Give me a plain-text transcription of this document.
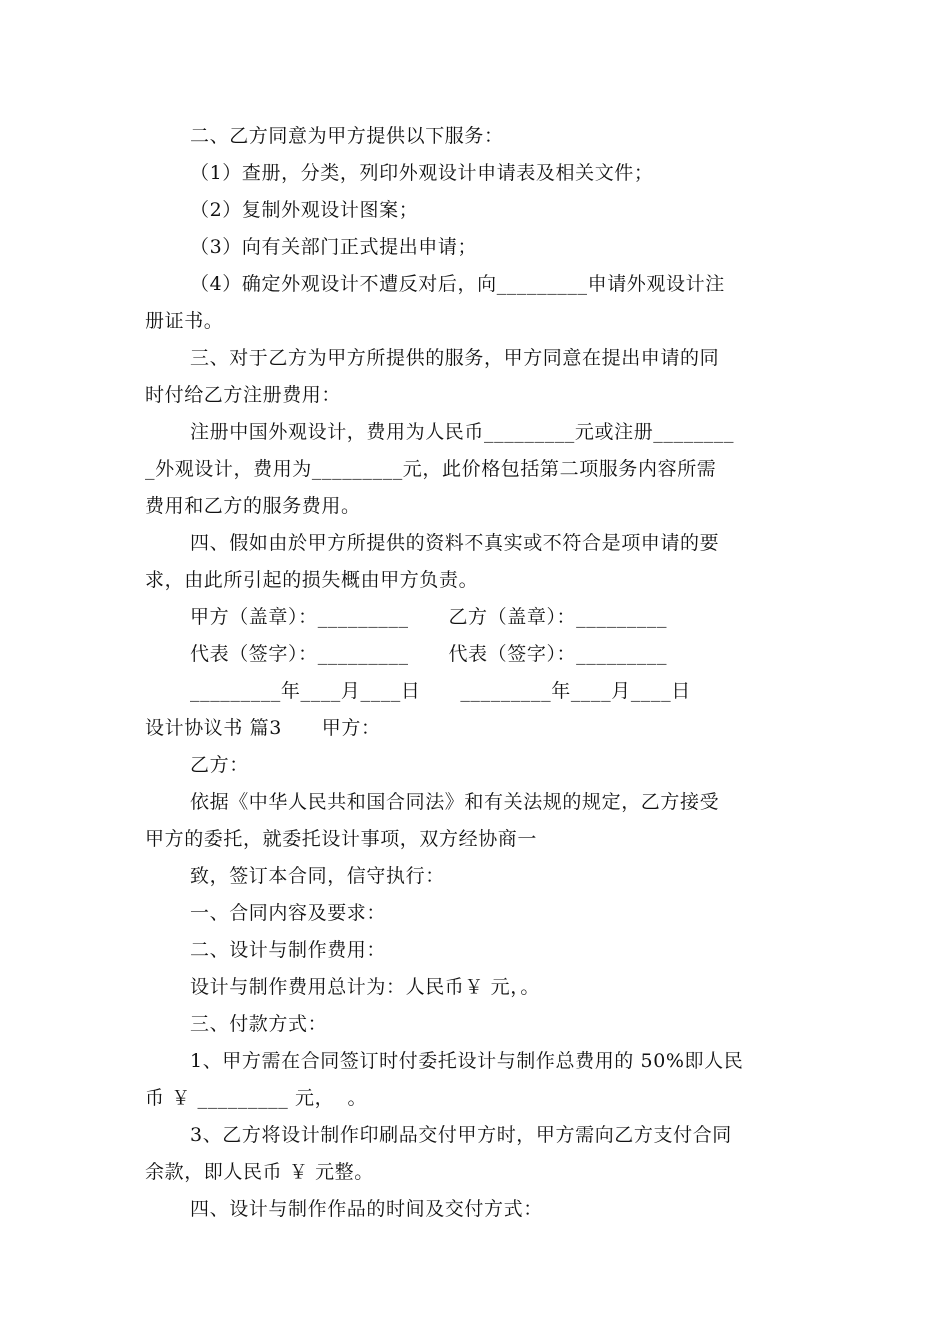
二、乙方同意为甲方提供以下服务：
（1）查册，分类，列印外观设计申请表及相关文件；
（2）复制外观设计图案；
（3）向有关部门正式提出申请；
（4）确定外观设计不遭反对后，向_________申请外观设计注
册证书。
三、对于乙方为甲方所提供的服务，甲方同意在提出申请的同
时付给乙方注册费用：
注册中国外观设计，费用为人民币_________元或注册________
_外观设计，费用为_________元，此价格包括第二项服务内容所需
费用和乙方的服务费用。
四、假如由於甲方所提供的资料不真实或不符合是项申请的要
求，由此所引起的损失概由甲方负责。
甲方（盖章）：_________      乙方（盖章）：_________
代表（签字）：_________      代表（签字）：_________
_________年____月____日      _________年____月____日
设计协议书 篇3      甲方：
乙方：
依据《中华人民共和国合同法》和有关法规的规定，乙方接受
甲方的委托，就委托设计事项，双方经协商一
致，签订本合同，信守执行：
一、合同内容及要求：
二、设计与制作费用：
设计与制作费用总计为：人民币￥ 元，。
三、付款方式：
1、甲方需在合同签订时付委托设计与制作总费用的 50%即人民
币 ￥ _________ 元，  。
3、乙方将设计制作印刷品交付甲方时，甲方需向乙方支付合同
余款，即人民币 ￥ 元整。
四、设计与制作作品的时间及交付方式：
